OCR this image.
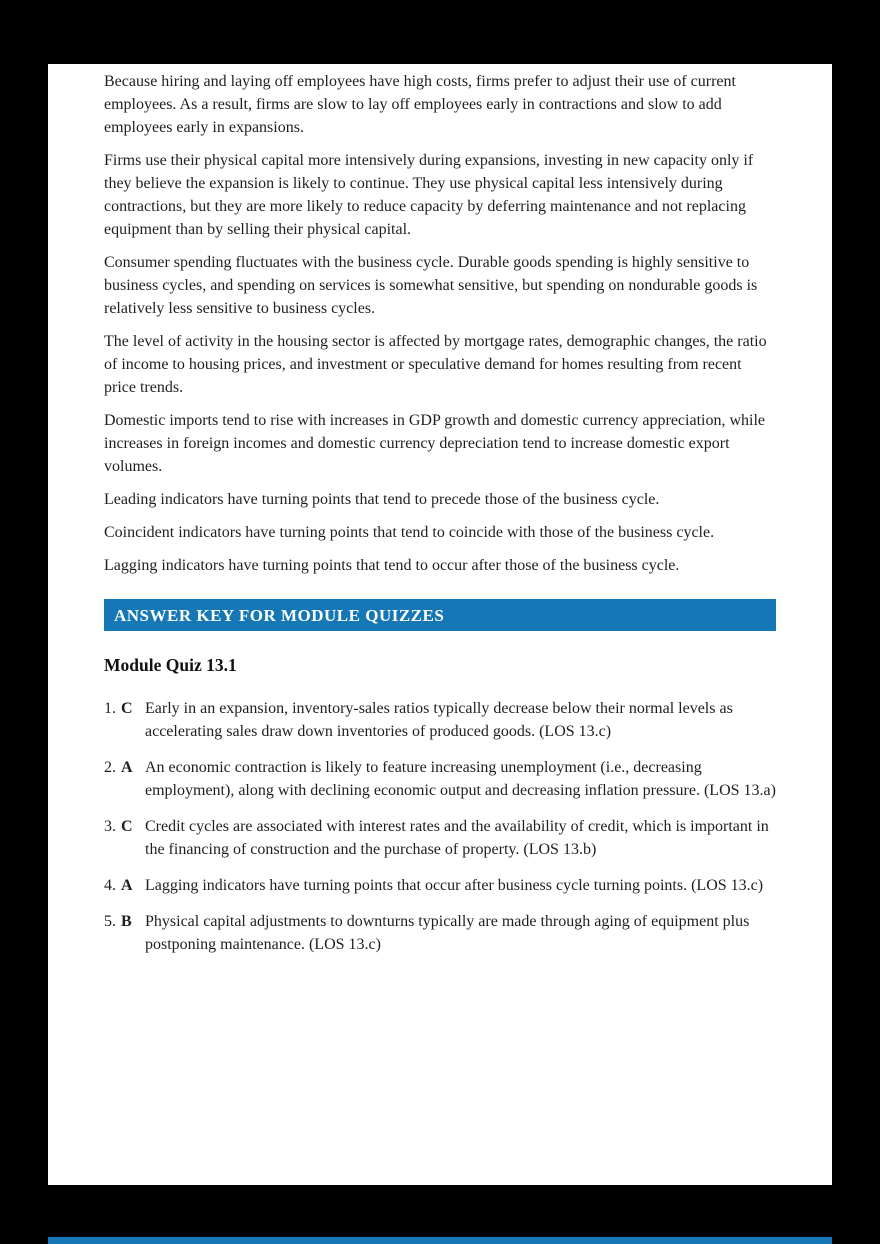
Because hiring and laying off employees have high costs, firms prefer to adjust their use of current employees. As a result, firms are slow to lay off employees early in contractions and slow to add employees early in expansions.

Firms use their physical capital more intensively during expansions, investing in new capacity only if they believe the expansion is likely to continue. They use physical capital less intensively during contractions, but they are more likely to reduce capacity by deferring maintenance and not replacing equipment than by selling their physical capital.

Consumer spending fluctuates with the business cycle. Durable goods spending is highly sensitive to business cycles, and spending on services is somewhat sensitive, but spending on nondurable goods is relatively less sensitive to business cycles.

The level of activity in the housing sector is affected by mortgage rates, demographic changes, the ratio of income to housing prices, and investment or speculative demand for homes resulting from recent price trends.

Domestic imports tend to rise with increases in GDP growth and domestic currency appreciation, while increases in foreign incomes and domestic currency depreciation tend to increase domestic export volumes.

Leading indicators have turning points that tend to precede those of the business cycle.

Coincident indicators have turning points that tend to coincide with those of the business cycle.

Lagging indicators have turning points that tend to occur after those of the business cycle.

ANSWER KEY FOR MODULE QUIZZES
Module Quiz 13.1
1. C Early in an expansion, inventory-sales ratios typically decrease below their normal levels as accelerating sales draw down inventories of produced goods. (LOS 13.c)
2. A An economic contraction is likely to feature increasing unemployment (i.e., decreasing employment), along with declining economic output and decreasing inflation pressure. (LOS 13.a)
3. C Credit cycles are associated with interest rates and the availability of credit, which is important in the financing of construction and the purchase of property. (LOS 13.b)
4. A Lagging indicators have turning points that occur after business cycle turning points. (LOS 13.c)
5. B Physical capital adjustments to downturns typically are made through aging of equipment plus postponing maintenance. (LOS 13.c)
